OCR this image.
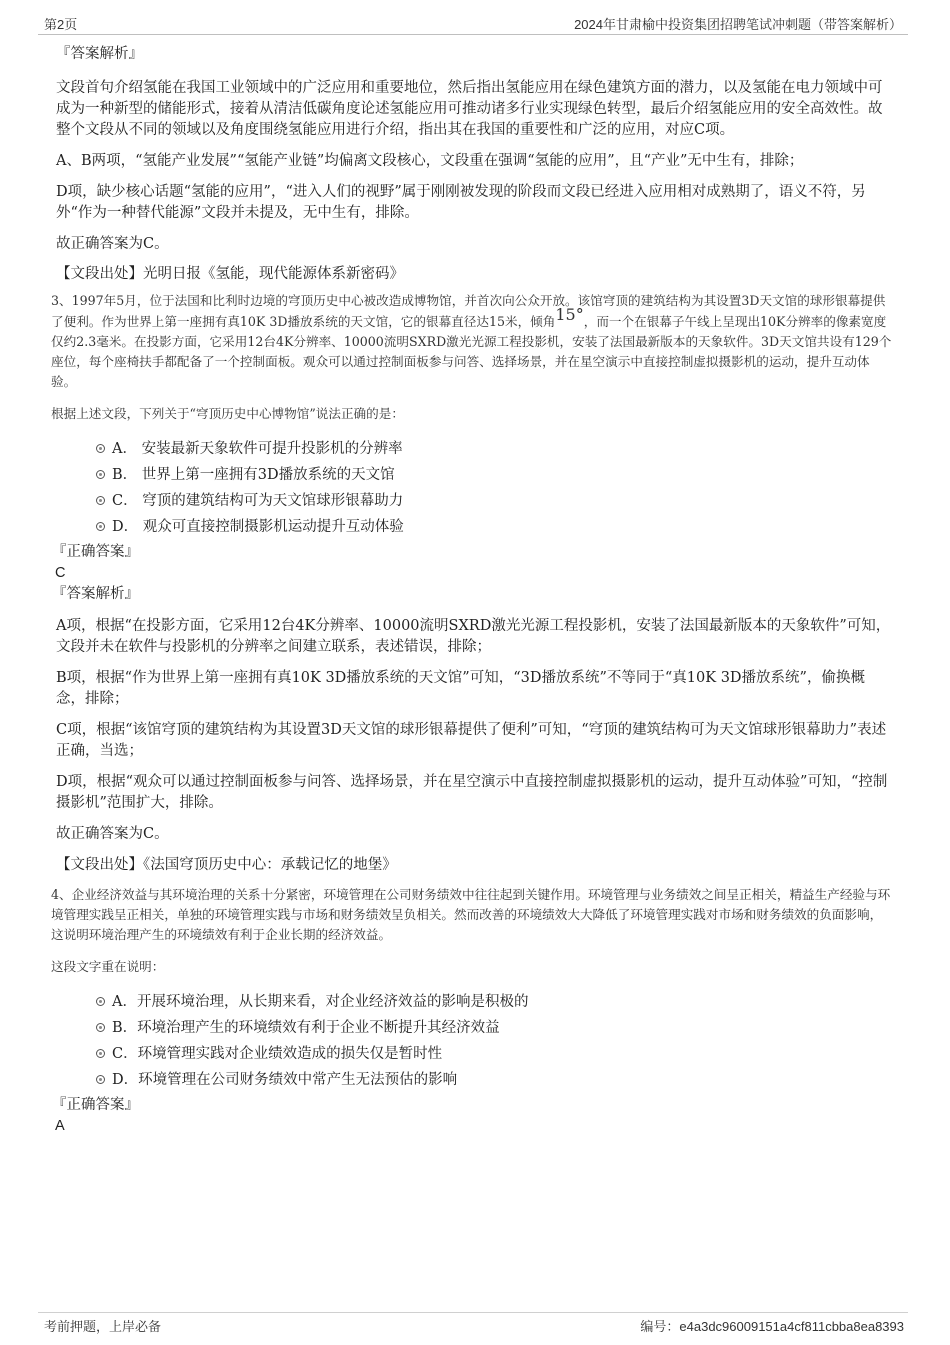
第2页	2024年甘肃榆中投资集团招聘笔试冲刺题（带答案解析）

『答案解析』

文段首句介绍氢能在我国工业领域中的广泛应用和重要地位，然后指出氢能应用在绿色建筑方面的潜力，以及氢能在电力领域中可成为一种新型的储能形式，接着从清洁低碳角度论述氢能应用可推动诸多行业实现绿色转型，最后介绍氢能应用的安全高效性。故整个文段从不同的领域以及角度围绕氢能应用进行介绍，指出其在我国的重要性和广泛的应用，对应C项。

A、B两项，“氢能产业发展”“氢能产业链”均偏离文段核心，文段重在强调“氢能的应用”，且“产业”无中生有，排除；

D项，缺少核心话题“氢能的应用”，“进入人们的视野”属于刚刚被发现的阶段而文段已经进入应用相对成熟期了，语义不符，另外“作为一种替代能源”文段并未提及，无中生有，排除。

故正确答案为C。

【文段出处】光明日报《氢能，现代能源体系新密码》

3、1997年5月，位于法国和比利时边境的穹顶历史中心被改造成博物馆，并首次向公众开放。该馆穹顶的建筑结构为其设置3D天文馆的球形银幕提供了便利。作为世界上第一座拥有真10K 3D播放系统的天文馆，它的银幕直径达15米，倾角15°，而一个在银幕子午线上呈现出10K分辨率的像素宽度仅约2.3毫米。在投影方面，它采用12台4K分辨率、10000流明SXRD激光光源工程投影机，安装了法国最新版本的天象软件。3D天文馆共设有129个座位，每个座椅扶手都配备了一个控制面板。观众可以通过控制面板参与问答、选择场景，并在星空演示中直接控制虚拟摄影机的运动，提升互动体验。

根据上述文段，下列关于“穹顶历史中心博物馆”说法正确的是：

A． 安装最新天象软件可提升投影机的分辨率
B． 世界上第一座拥有3D播放系统的天文馆
C． 穹顶的建筑结构可为天文馆球形银幕助力
D． 观众可直接控制摄影机运动提升互动体验

『正确答案』

C

『答案解析』

A项，根据“在投影方面，它采用12台4K分辨率、10000流明SXRD激光光源工程投影机，安装了法国最新版本的天象软件”可知，文段并未在软件与投影机的分辨率之间建立联系，表述错误，排除；

B项，根据“作为世界上第一座拥有真10K 3D播放系统的天文馆”可知，“3D播放系统”不等同于“真10K 3D播放系统”，偷换概念，排除；

C项，根据“该馆穹顶的建筑结构为其设置3D天文馆的球形银幕提供了便利”可知，“穹顶的建筑结构可为天文馆球形银幕助力”表述正确，当选；

D项，根据“观众可以通过控制面板参与问答、选择场景，并在星空演示中直接控制虚拟摄影机的运动，提升互动体验”可知，“控制摄影机”范围扩大，排除。

故正确答案为C。

【文段出处】《法国穹顶历史中心：承载记忆的地堡》

4、企业经济效益与其环境治理的关系十分紧密，环境管理在公司财务绩效中往往起到关键作用。环境管理与业务绩效之间呈正相关，精益生产经验与环境管理实践呈正相关，单独的环境管理实践与市场和财务绩效呈负相关。然而改善的环境绩效大大降低了环境管理实践对市场和财务绩效的负面影响，这说明环境治理产生的环境绩效有利于企业长期的经济效益。

这段文字重在说明：

A．开展环境治理，从长期来看，对企业经济效益的影响是积极的
B．环境治理产生的环境绩效有利于企业不断提升其经济效益
C．环境管理实践对企业绩效造成的损失仅是暂时性
D．环境管理在公司财务绩效中常产生无法预估的影响

『正确答案』

A

考前押题，上岸必备	编号：e4a3dc96009151a4cf811cbba8ea8393
